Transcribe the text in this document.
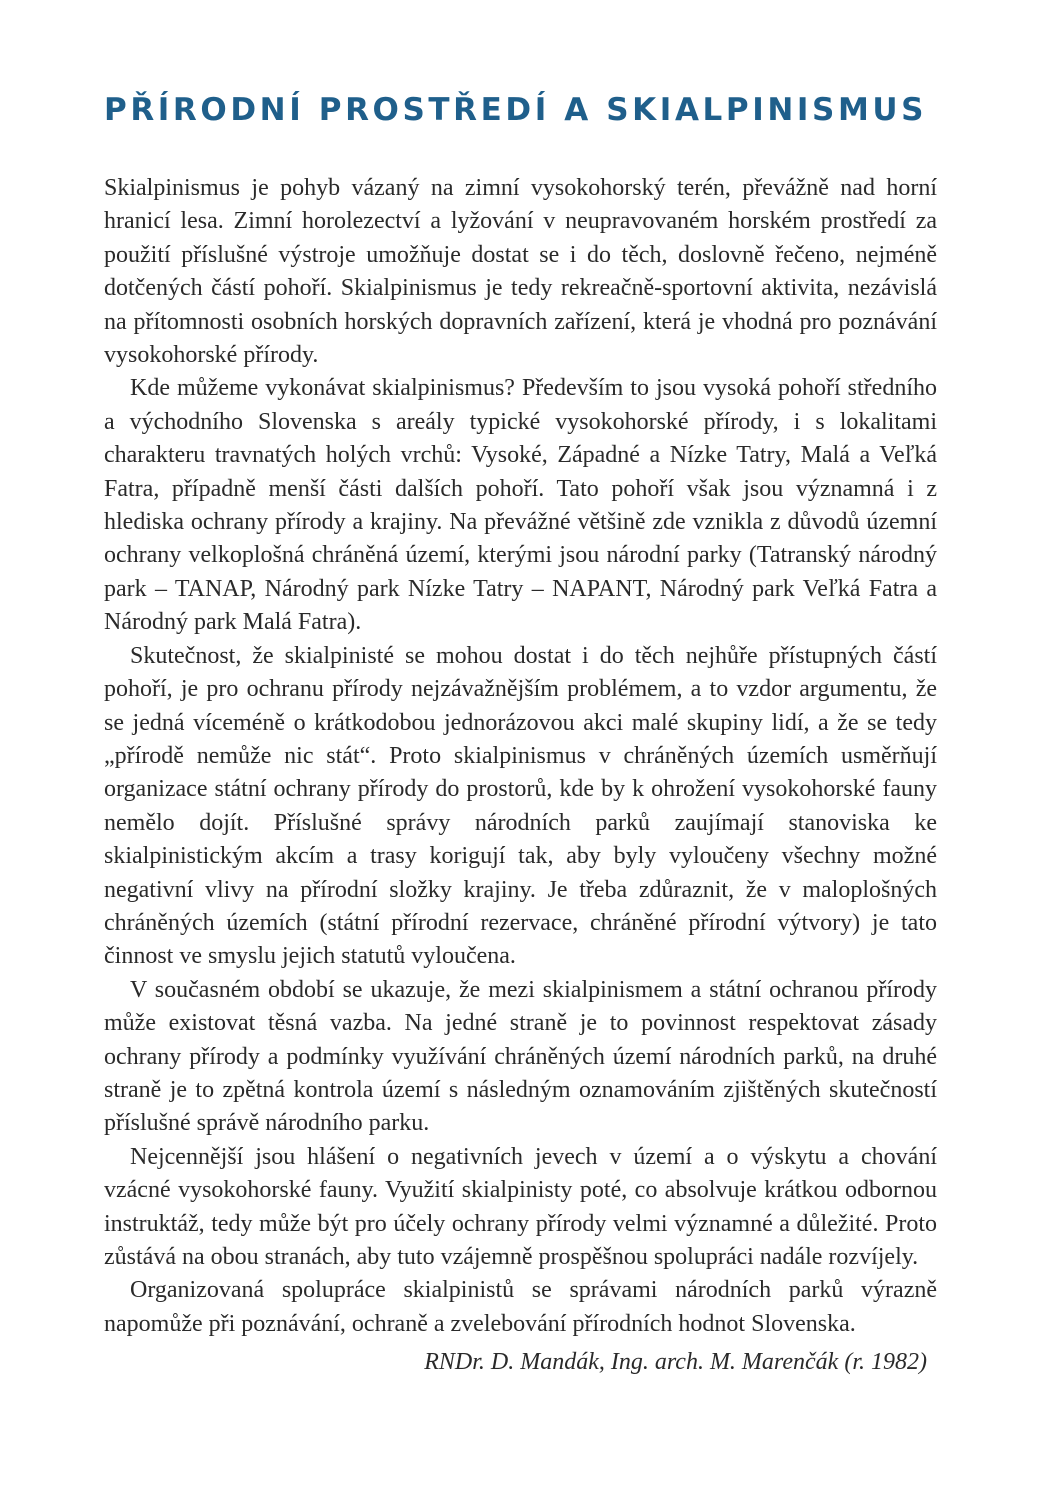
PŘÍRODNÍ PROSTŘEDÍ A SKIALPINISMUS

Skialpinismus je pohyb vázaný na zimní vysokohorský terén, převážně nad horní hranicí lesa. Zimní horolezectví a lyžování v neupravovaném horském prostředí za použití příslušné výstroje umožňuje dostat se i do těch, doslovně řečeno, nejméně dotčených částí pohoří. Skialpinismus je tedy rekreačně-sportovní aktivita, nezávislá na přítomnosti osobních horských dopravních zařízení, která je vhodná pro poznávání vysokohorské přírody.

Kde můžeme vykonávat skialpinismus? Především to jsou vysoká pohoří středního a východního Slovenska s areály typické vysokohorské přírody, i s lokalitami charakteru travnatých holých vrchů: Vysoké, Západné a Nízke Tatry, Malá a Veľká Fatra, případně menší části dalších pohoří. Tato pohoří však jsou významná i z hlediska ochrany přírody a krajiny. Na převážné většině zde vznikla z důvodů územní ochrany velkoplošná chráněná území, kterými jsou národní parky (Tatranský národný park – TANAP, Národný park Nízke Tatry – NAPANT, Národný park Veľká Fatra a Národný park Malá Fatra).

Skutečnost, že skialpinisté se mohou dostat i do těch nejhůře přístupných částí pohoří, je pro ochranu přírody nejzávažnějším problémem, a to vzdor argumentu, že se jedná víceméně o krátkodobou jednorázovou akci malé skupiny lidí, a že se tedy „přírodě nemůže nic stát“. Proto skialpinismus v chráněných územích usměrňují organizace státní ochrany přírody do prostorů, kde by k ohrožení vysokohorské fauny nemělo dojít. Příslušné správy národních parků zaujímají stanoviska ke skialpinistickým akcím a trasy korigují tak, aby byly vyloučeny všechny možné negativní vlivy na přírodní složky krajiny. Je třeba zdůraznit, že v maloplošných chráněných územích (státní přírodní rezervace, chráněné přírodní výtvory) je tato činnost ve smyslu jejich statutů vyloučena.

V současném období se ukazuje, že mezi skialpinismem a státní ochranou přírody může existovat těsná vazba. Na jedné straně je to povinnost respektovat zásady ochrany přírody a podmínky využívání chráněných území národních parků, na druhé straně je to zpětná kontrola území s následným oznamováním zjištěných skutečností příslušné správě národního parku.

Nejcennější jsou hlášení o negativních jevech v území a o výskytu a chování vzácné vysokohorské fauny. Využití skialpinisty poté, co absolvuje krátkou odbornou instruktáž, tedy může být pro účely ochrany přírody velmi významné a důležité. Proto zůstává na obou stranách, aby tuto vzájemně prospěšnou spolupráci nadále rozvíjely.

Organizovaná spolupráce skialpinistů se správami národních parků výrazně napomůže při poznávání, ochraně a zvelebování přírodních hodnot Slovenska.

RNDr. D. Mandák, Ing. arch. M. Marenčák (r. 1982)
